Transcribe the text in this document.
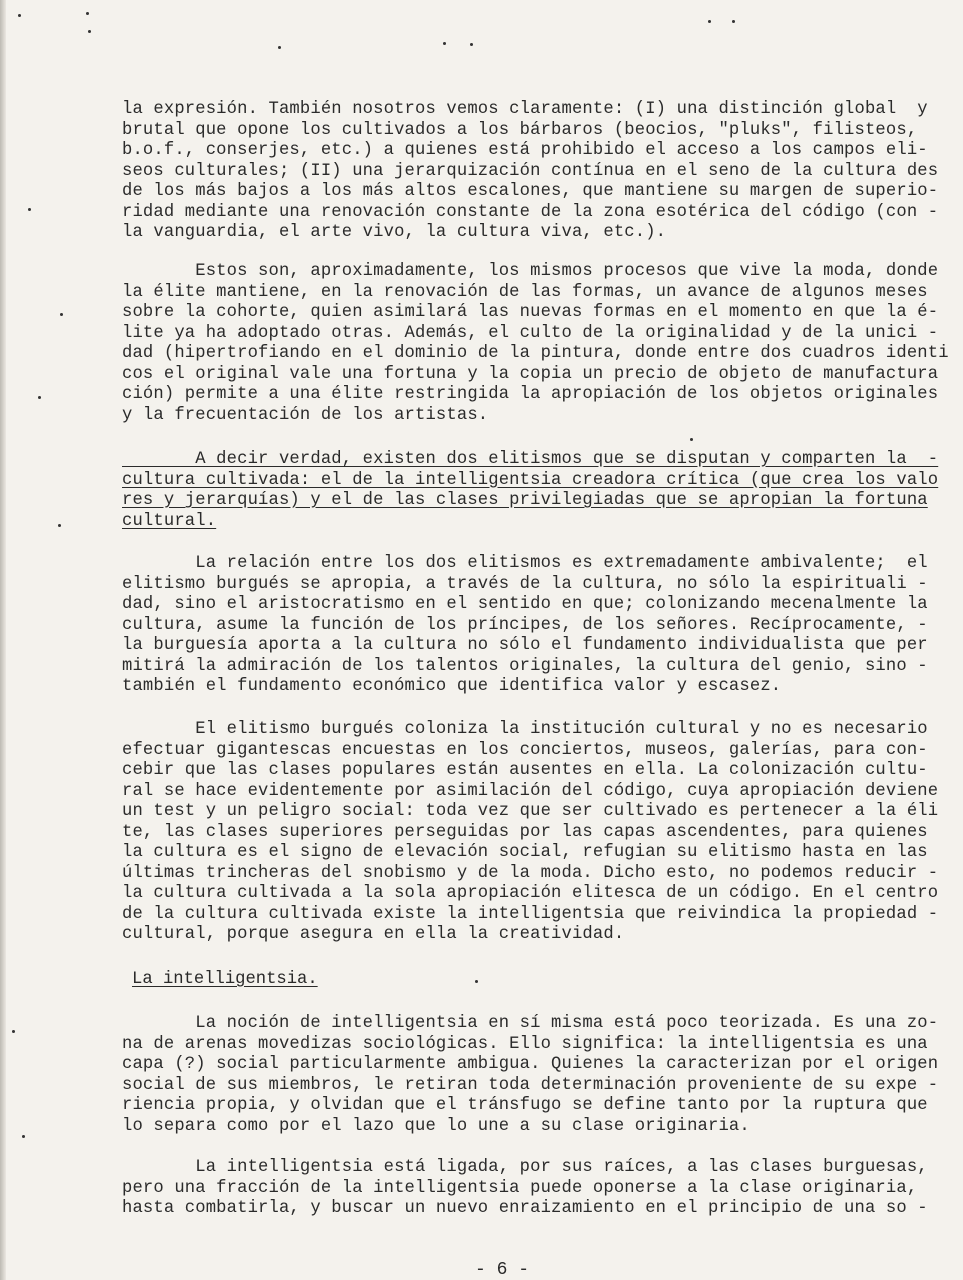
la expresión. También nosotros vemos claramente: (I) una distinción global  y
brutal que opone los cultivados a los bárbaros (beocios, "pluks", filisteos,
b.o.f., conserjes, etc.) a quienes está prohibido el acceso a los campos eli-
seos culturales; (II) una jerarquización contínua en el seno de la cultura des
de los más bajos a los más altos escalones, que mantiene su margen de superio-
ridad mediante una renovación constante de la zona esotérica del código (con -
la vanguardia, el arte vivo, la cultura viva, etc.).
Estos son, aproximadamente, los mismos procesos que vive la moda, donde
la élite mantiene, en la renovación de las formas, un avance de algunos meses
sobre la cohorte, quien asimilará las nuevas formas en el momento en que la é-
lite ya ha adoptado otras. Además, el culto de la originalidad y de la unici -
dad (hipertrofiando en el dominio de la pintura, donde entre dos cuadros identi
cos el original vale una fortuna y la copia un precio de objeto de manufactura
ción) permite a una élite restringida la apropiación de los objetos originales
y la frecuentación de los artistas.
A decir verdad, existen dos elitismos que se disputan y comparten la  -
cultura cultivada: el de la intelligentsia creadora crítica (que crea los valo
res y jerarquías) y el de las clases privilegiadas que se apropian la fortuna
cultural.
La relación entre los dos elitismos es extremadamente ambivalente;  el
elitismo burgués se apropia, a través de la cultura, no sólo la espirituali -
dad, sino el aristocratismo en el sentido en que; colonizando mecenalmente la
cultura, asume la función de los príncipes, de los señores. Recíprocamente, -
la burguesía aporta a la cultura no sólo el fundamento individualista que per
mitirá la admiración de los talentos originales, la cultura del genio, sino -
también el fundamento económico que identifica valor y escasez.
El elitismo burgués coloniza la institución cultural y no es necesario
efectuar gigantescas encuestas en los conciertos, museos, galerías, para con-
cebir que las clases populares están ausentes en ella. La colonización cultu-
ral se hace evidentemente por asimilación del código, cuya apropiación deviene
un test y un peligro social: toda vez que ser cultivado es pertenecer a la éli
te, las clases superiores perseguidas por las capas ascendentes, para quienes
la cultura es el signo de elevación social, refugian su elitismo hasta en las
últimas trincheras del snobismo y de la moda. Dicho esto, no podemos reducir -
la cultura cultivada a la sola apropiación elitesca de un código. En el centro
de la cultura cultivada existe la intelligentsia que reivindica la propiedad -
cultural, porque asegura en ella la creatividad.
La noción de intelligentsia en sí misma está poco teorizada. Es una zo-
na de arenas movedizas sociológicas. Ello significa: la intelligentsia es una
capa (?) social particularmente ambigua. Quienes la caracterizan por el origen
social de sus miembros, le retiran toda determinación proveniente de su expe -
riencia propia, y olvidan que el tránsfugo se define tanto por la ruptura que
lo separa como por el lazo que lo une a su clase originaria.
La intelligentsia está ligada, por sus raíces, a las clases burguesas,
pero una fracción de la intelligentsia puede oponerse a la clase originaria,
hasta combatirla, y buscar un nuevo enraizamiento en el principio de una so -
La intelligentsia.
- 6 -
